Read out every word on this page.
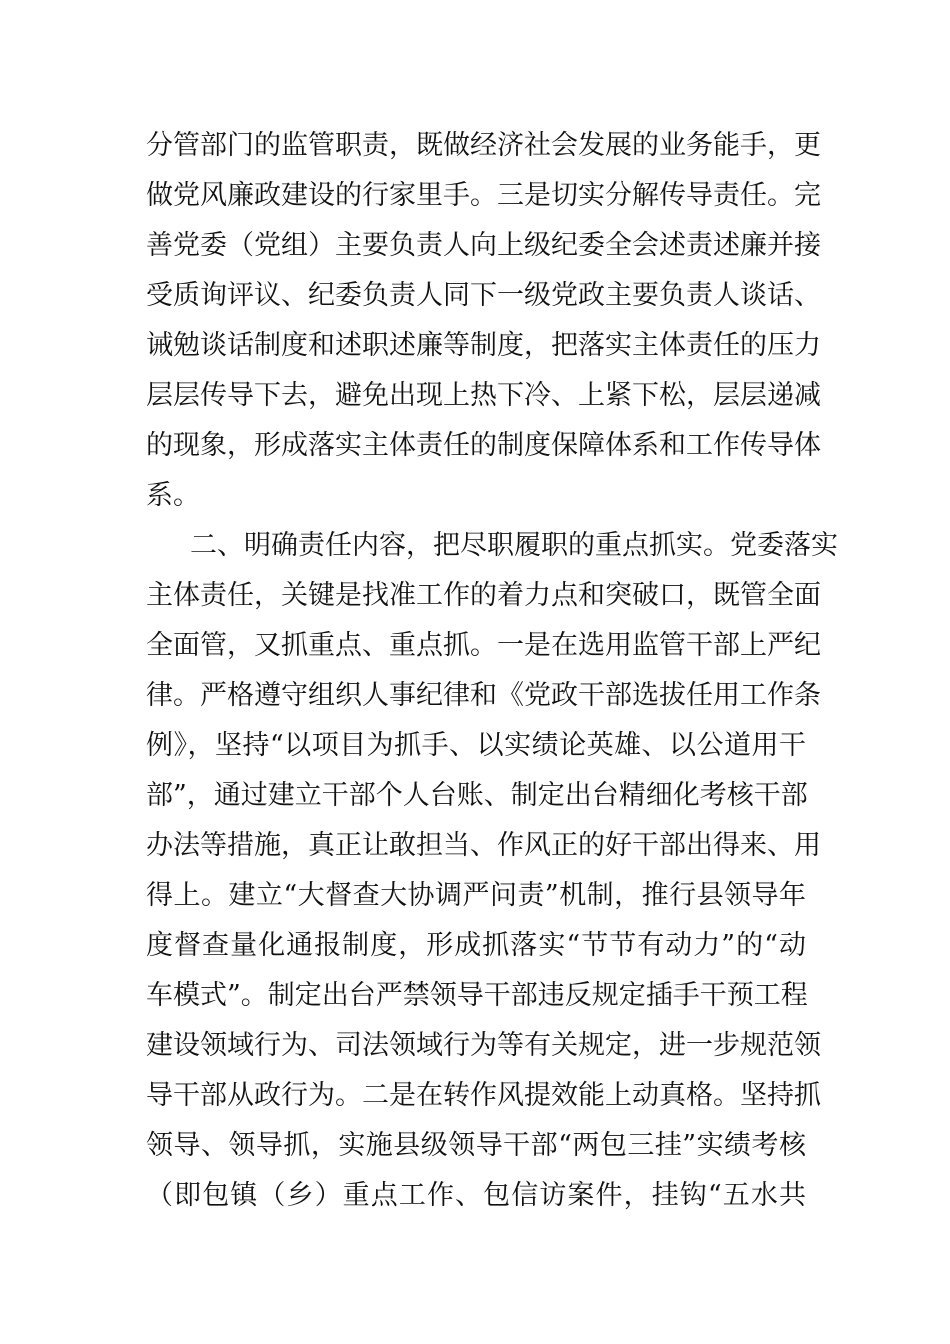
分管部门的监管职责，既做经济社会发展的业务能手，更
做党风廉政建设的行家里手。三是切实分解传导责任。完
善党委（党组）主要负责人向上级纪委全会述责述廉并接
受质询评议、纪委负责人同下一级党政主要负责人谈话、
诫勉谈话制度和述职述廉等制度，把落实主体责任的压力
层层传导下去，避免出现上热下冷、上紧下松，层层递减
的现象，形成落实主体责任的制度保障体系和工作传导体
系。
二、明确责任内容，把尽职履职的重点抓实。党委落实
主体责任，关键是找准工作的着力点和突破口，既管全面
全面管，又抓重点、重点抓。一是在选用监管干部上严纪
律。严格遵守组织人事纪律和《党政干部选拔任用工作条
例》，坚持“以项目为抓手、以实绩论英雄、以公道用干
部”，通过建立干部个人台账、制定出台精细化考核干部
办法等措施，真正让敢担当、作风正的好干部出得来、用
得上。建立“大督查大协调严问责”机制，推行县领导年
度督查量化通报制度，形成抓落实“节节有动力”的“动
车模式”。制定出台严禁领导干部违反规定插手干预工程
建设领域行为、司法领域行为等有关规定，进一步规范领
导干部从政行为。二是在转作风提效能上动真格。坚持抓
领导、领导抓，实施县级领导干部“两包三挂”实绩考核
（即包镇（乡）重点工作、包信访案件，挂钩“五水共
